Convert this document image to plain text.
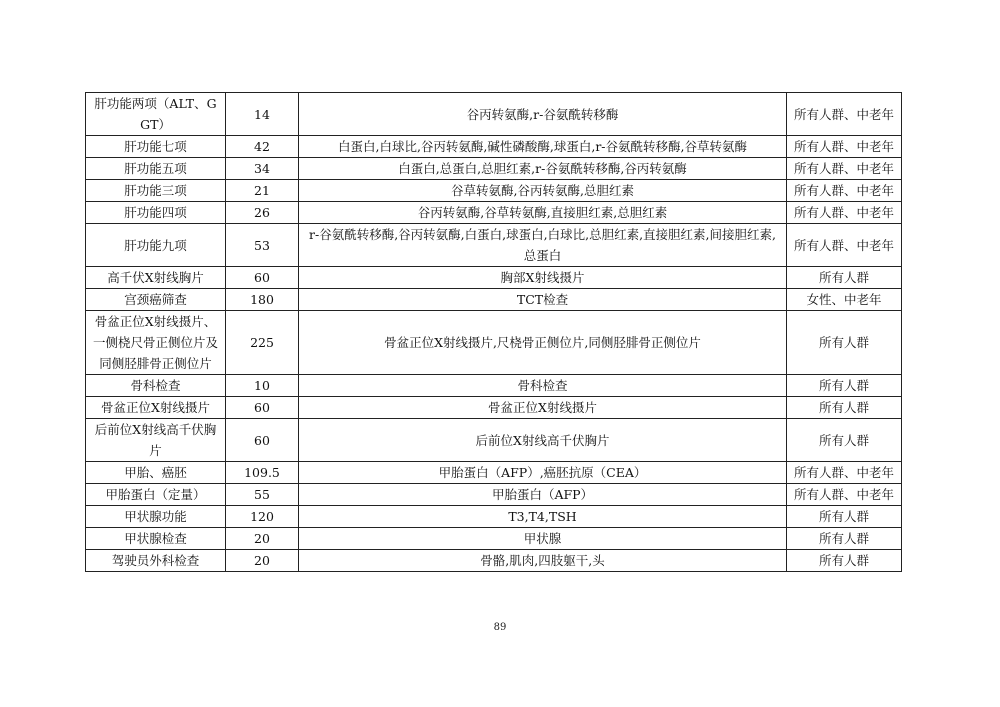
肝功能两项（ALT、GGT）	14	谷丙转氨酶,r-谷氨酰转移酶	所有人群、中老年
肝功能七项	42	白蛋白,白球比,谷丙转氨酶,碱性磷酸酶,球蛋白,r-谷氨酰转移酶,谷草转氨酶	所有人群、中老年
肝功能五项	34	白蛋白,总蛋白,总胆红素,r-谷氨酰转移酶,谷丙转氨酶	所有人群、中老年
肝功能三项	21	谷草转氨酶,谷丙转氨酶,总胆红素	所有人群、中老年
肝功能四项	26	谷丙转氨酶,谷草转氨酶,直接胆红素,总胆红素	所有人群、中老年
肝功能九项	53	r-谷氨酰转移酶,谷丙转氨酶,白蛋白,球蛋白,白球比,总胆红素,直接胆红素,间接胆红素,总蛋白	所有人群、中老年
高千伏X射线胸片	60	胸部X射线摄片	所有人群
宫颈癌筛查	180	TCT检查	女性、中老年
骨盆正位X射线摄片、一侧桡尺骨正侧位片及同侧胫腓骨正侧位片	225	骨盆正位X射线摄片,尺桡骨正侧位片,同侧胫腓骨正侧位片	所有人群
骨科检查	10	骨科检查	所有人群
骨盆正位X射线摄片	60	骨盆正位X射线摄片	所有人群
后前位X射线高千伏胸片	60	后前位X射线高千伏胸片	所有人群
甲胎、癌胚	109.5	甲胎蛋白（AFP）,癌胚抗原（CEA）	所有人群、中老年
甲胎蛋白（定量）	55	甲胎蛋白（AFP）	所有人群、中老年
甲状腺功能	120	T3,T4,TSH	所有人群
甲状腺检查	20	甲状腺	所有人群
驾驶员外科检查	20	骨骼,肌肉,四肢躯干,头	所有人群
89
